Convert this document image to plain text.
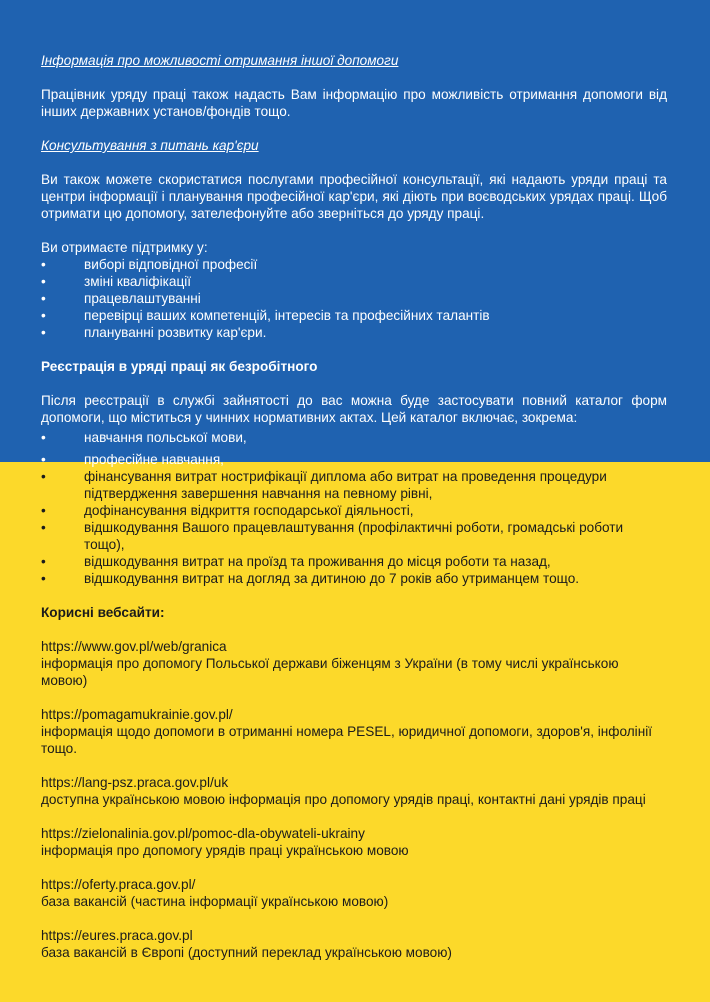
Інформація про можливості отримання іншої допомоги

Працівник уряду праці також надасть Вам інформацію про можливість отримання допомоги від інших державних установ/фондів тощо.

Консультування з питань кар'єри

Ви також можете скористатися послугами професійної консультації, які надають уряди праці та центри інформації і планування професійної кар'єри, які діють при воєводських урядах праці. Щоб отримати цю допомогу, зателефонуйте або зверніться до уряду праці.

Ви отримаєте підтримку у:

•	виборі відповідної професії
•	зміні кваліфікації
•	працевлаштуванні
•	перевірці ваших компетенцій, інтересів та професійних талантів
•	плануванні розвитку кар'єри.

Реєстрація в уряді праці як безробітного

Після реєстрації в службі зайнятості до вас можна буде застосувати повний каталог форм допомоги, що міститься у чинних нормативних актах. Цей каталог включає, зокрема:

•	навчання польської мови,
•	професійне навчання,
•	фінансування витрат нострифікації диплома або витрат на проведення процедури підтвердження завершення навчання на певному рівні,
•	дофінансування відкриття господарської діяльності,
•	відшкодування Вашого працевлаштування (профілактичні роботи, громадські роботи тощо),
•	відшкодування витрат на проїзд та проживання до місця роботи та назад,
•	відшкодування витрат на догляд за дитиною до 7 років або утриманцем тощо.

Корисні вебсайти:

https://www.gov.pl/web/granica

інформація про допомогу Польської держави біженцям з України (в тому числі українською мовою)

https://pomagamukrainie.gov.pl/

інформація щодо допомоги в отриманні номера PESEL, юридичної допомоги, здоров'я, інфолінії тощо.

https://lang-psz.praca.gov.pl/uk

доступна українською мовою інформація про допомогу урядів праці, контактні дані урядів праці

https://zielonalinia.gov.pl/pomoc-dla-obywateli-ukrainy

інформація про допомогу урядів праці українською мовою

https://oferty.praca.gov.pl/

база вакансій (частина інформації українською мовою)

https://eures.praca.gov.pl

база вакансій в Європі (доступний переклад українською мовою)
